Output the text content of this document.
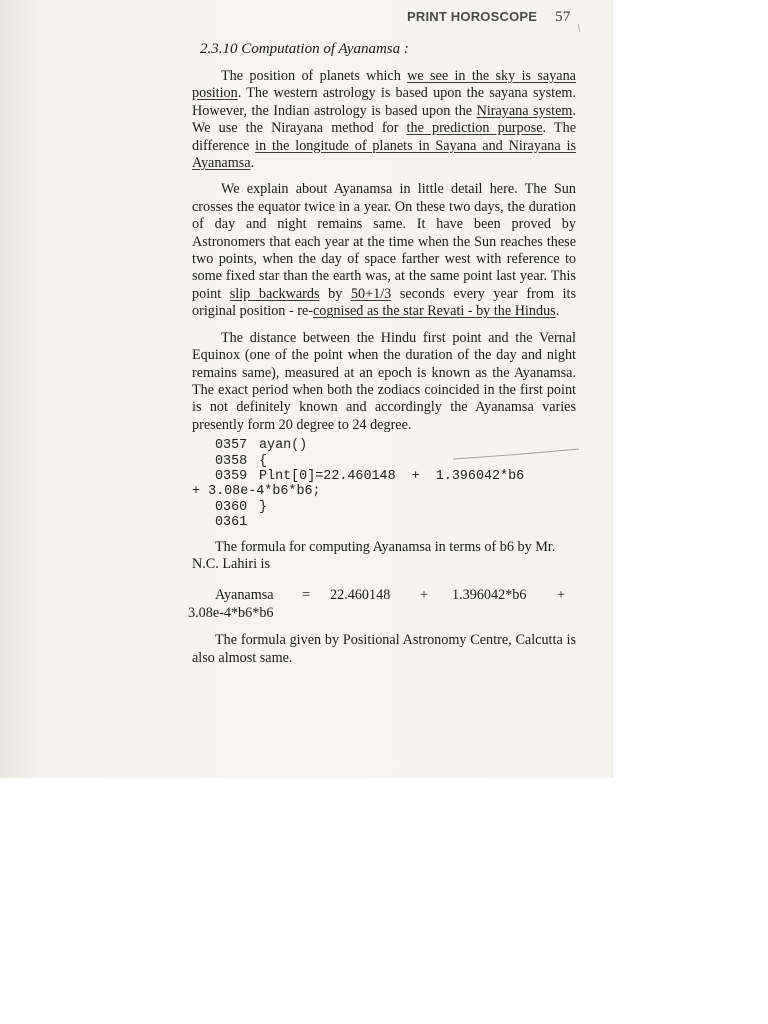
PRINT HOROSCOPE 57
2.3.10 Computation of Ayanamsa :

The position of planets which we see in the sky is sayana position. The western astrology is based upon the sayana system. However, the Indian astrology is based upon the Nirayana system. We use the Nirayana method for the prediction purpose. The difference in the longitude of planets in Sayana and Nirayana is Ayanamsa.

We explain about Ayanamsa in little detail here. The Sun crosses the equator twice in a year. On these two days, the duration of day and night remains same. It have been proved by Astronomers that each year at the time when the Sun reaches these two points, when the day of space farther west with reference to some fixed star than the earth was, at the same point last year. This point slip backwards by 50+1/3 seconds every year from its original position - re-cognised as the star Revati - by the Hindus.

The distance between the Hindu first point and the Vernal Equinox (one of the point when the duration of the day and night remains same), measured at an epoch is known as the Ayanamsa. The exact period when both the zodiacs coincided in the first point is not definitely known and accordingly the Ayanamsa varies presently form 20 degree to 24 degree.

0357 ayan()
0358 {
0359 Plnt[0]=22.460148  +  1.396042*b6
+ 3.08e-4*b6*b6;
0360 }
0361

The formula for computing Ayanamsa in terms of b6 by Mr. N.C. Lahiri is

Ayanamsa = 22.460148 + 1.396042*b6 +
3.08e-4*b6*b6

The formula given by Positional Astronomy Centre, Calcutta is also almost same.
